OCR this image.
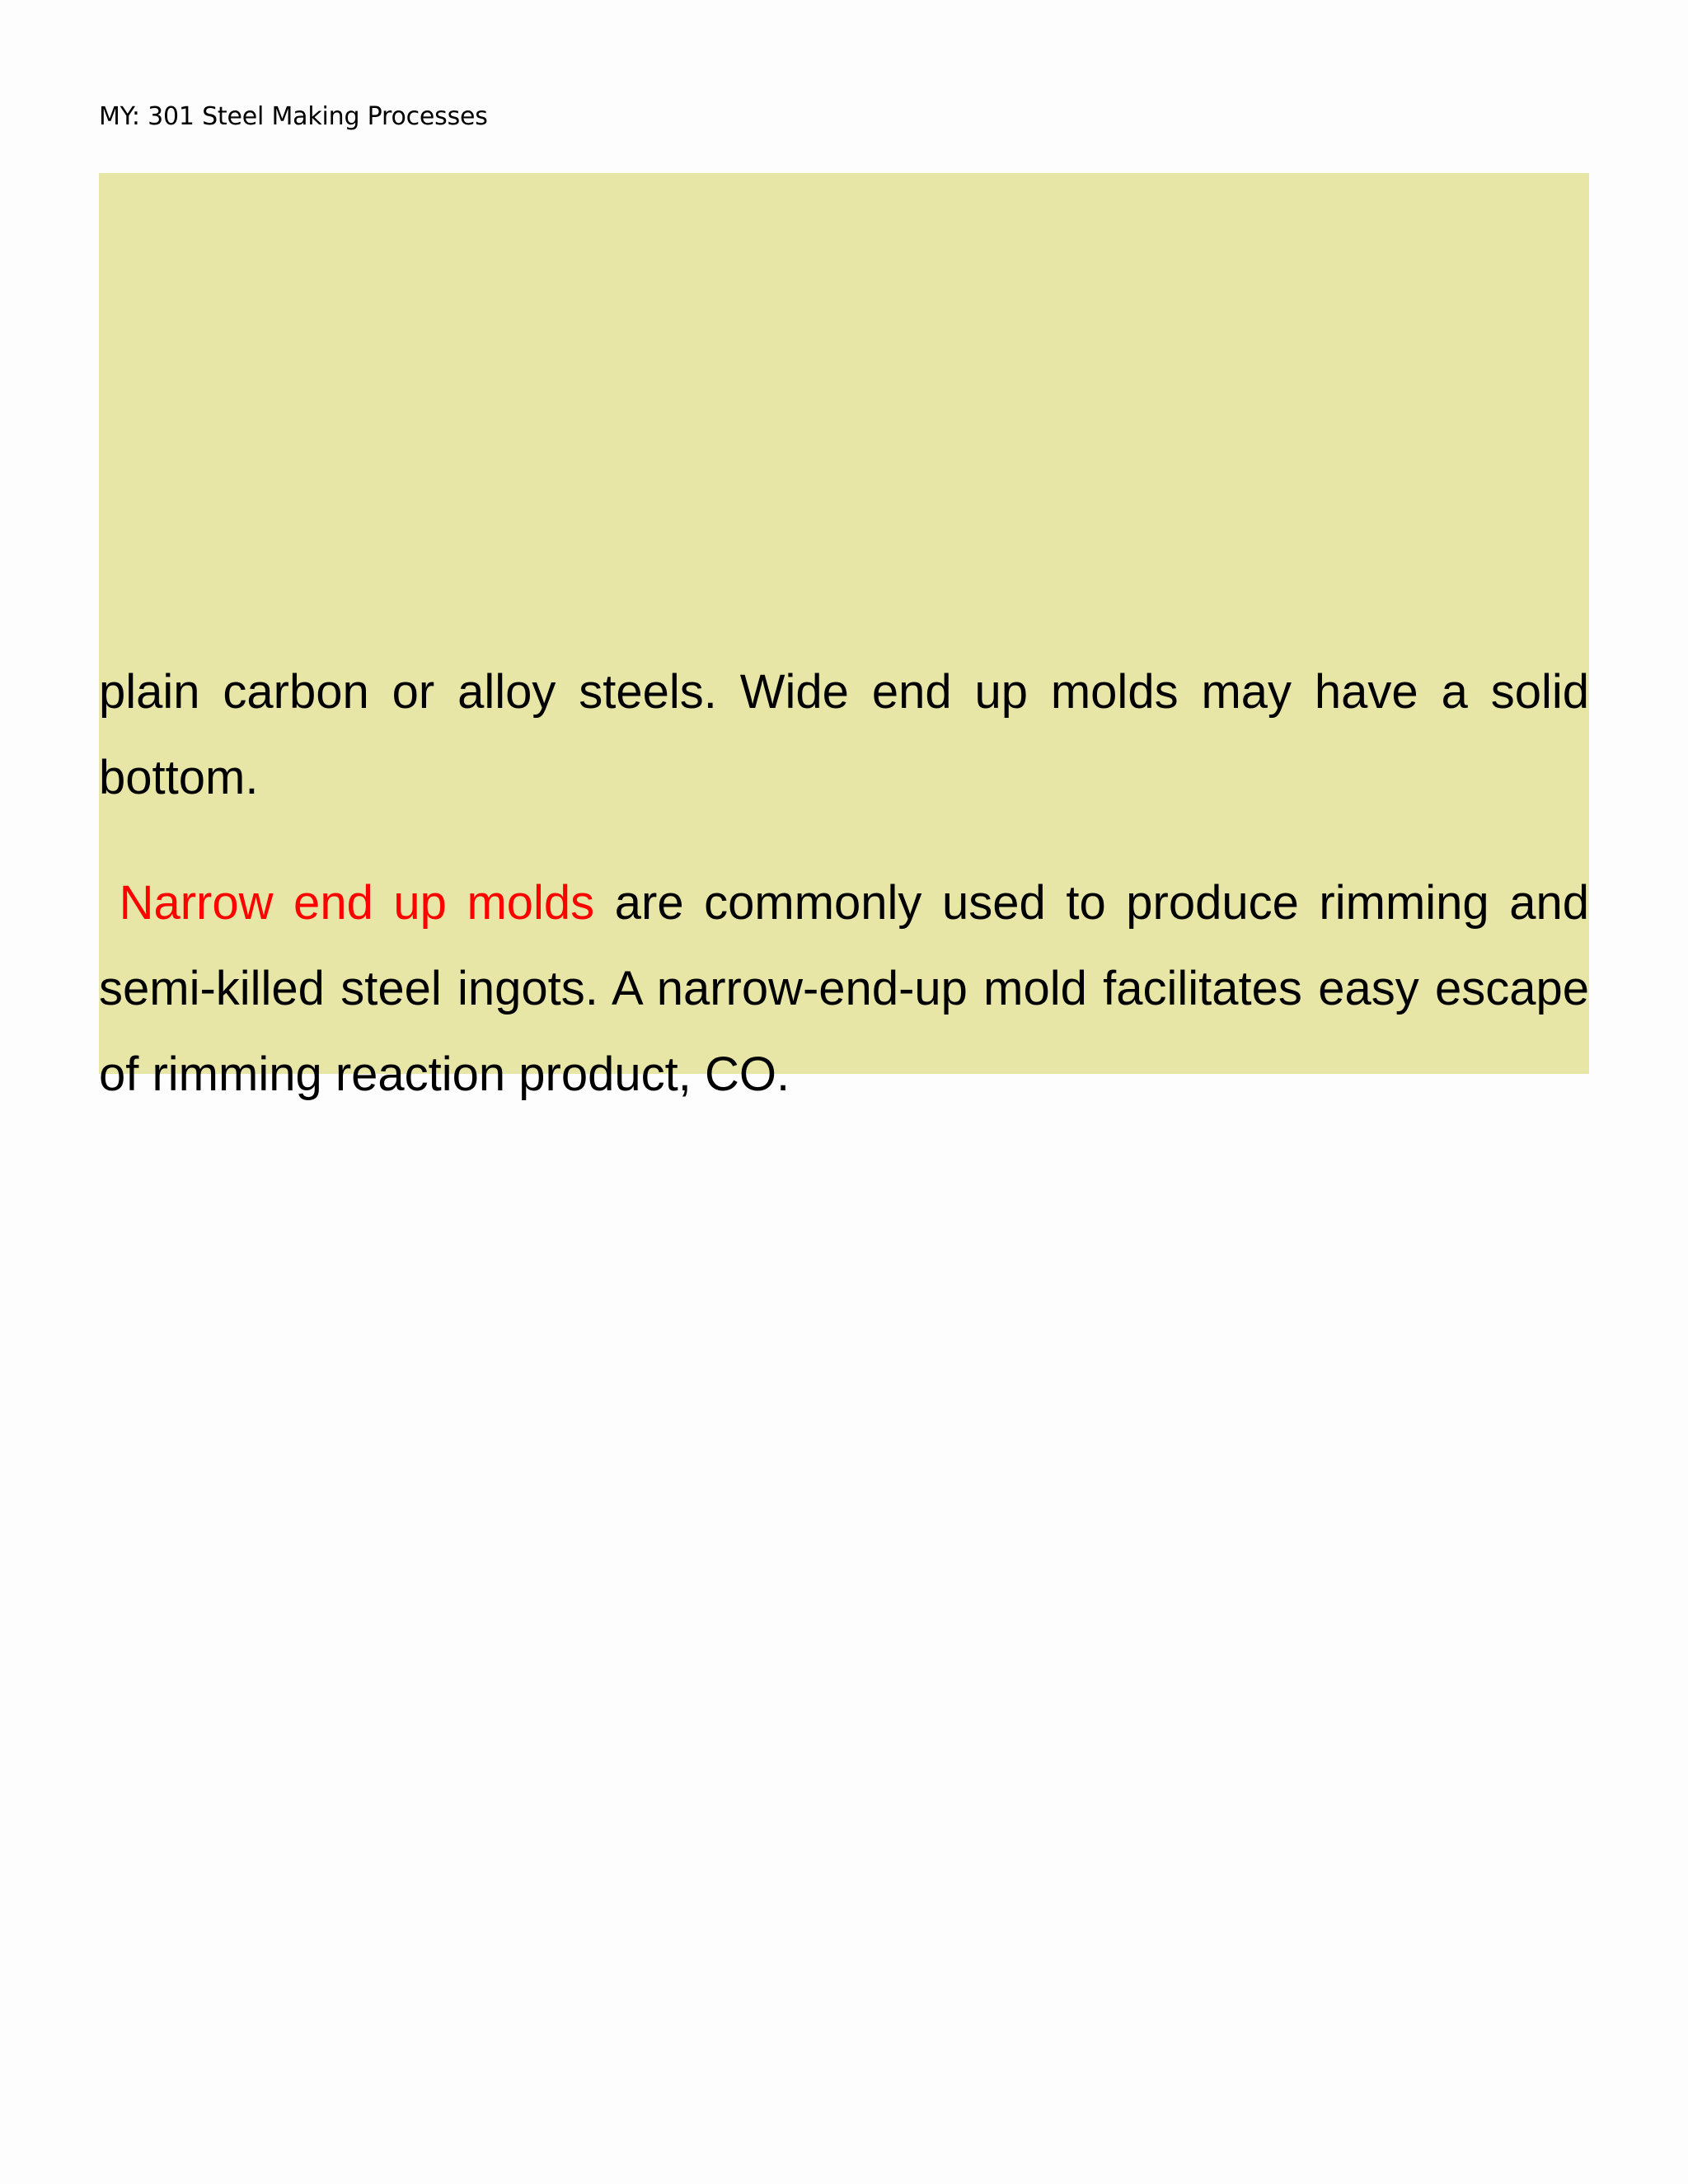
MY: 301 Steel Making Processes

plain carbon or alloy steels. Wide end up molds may have a solid bottom.

Narrow end up molds are commonly used to produce rimming and semi-killed steel ingots. A narrow-end-up mold facilitates easy escape of rimming reaction product, CO.
